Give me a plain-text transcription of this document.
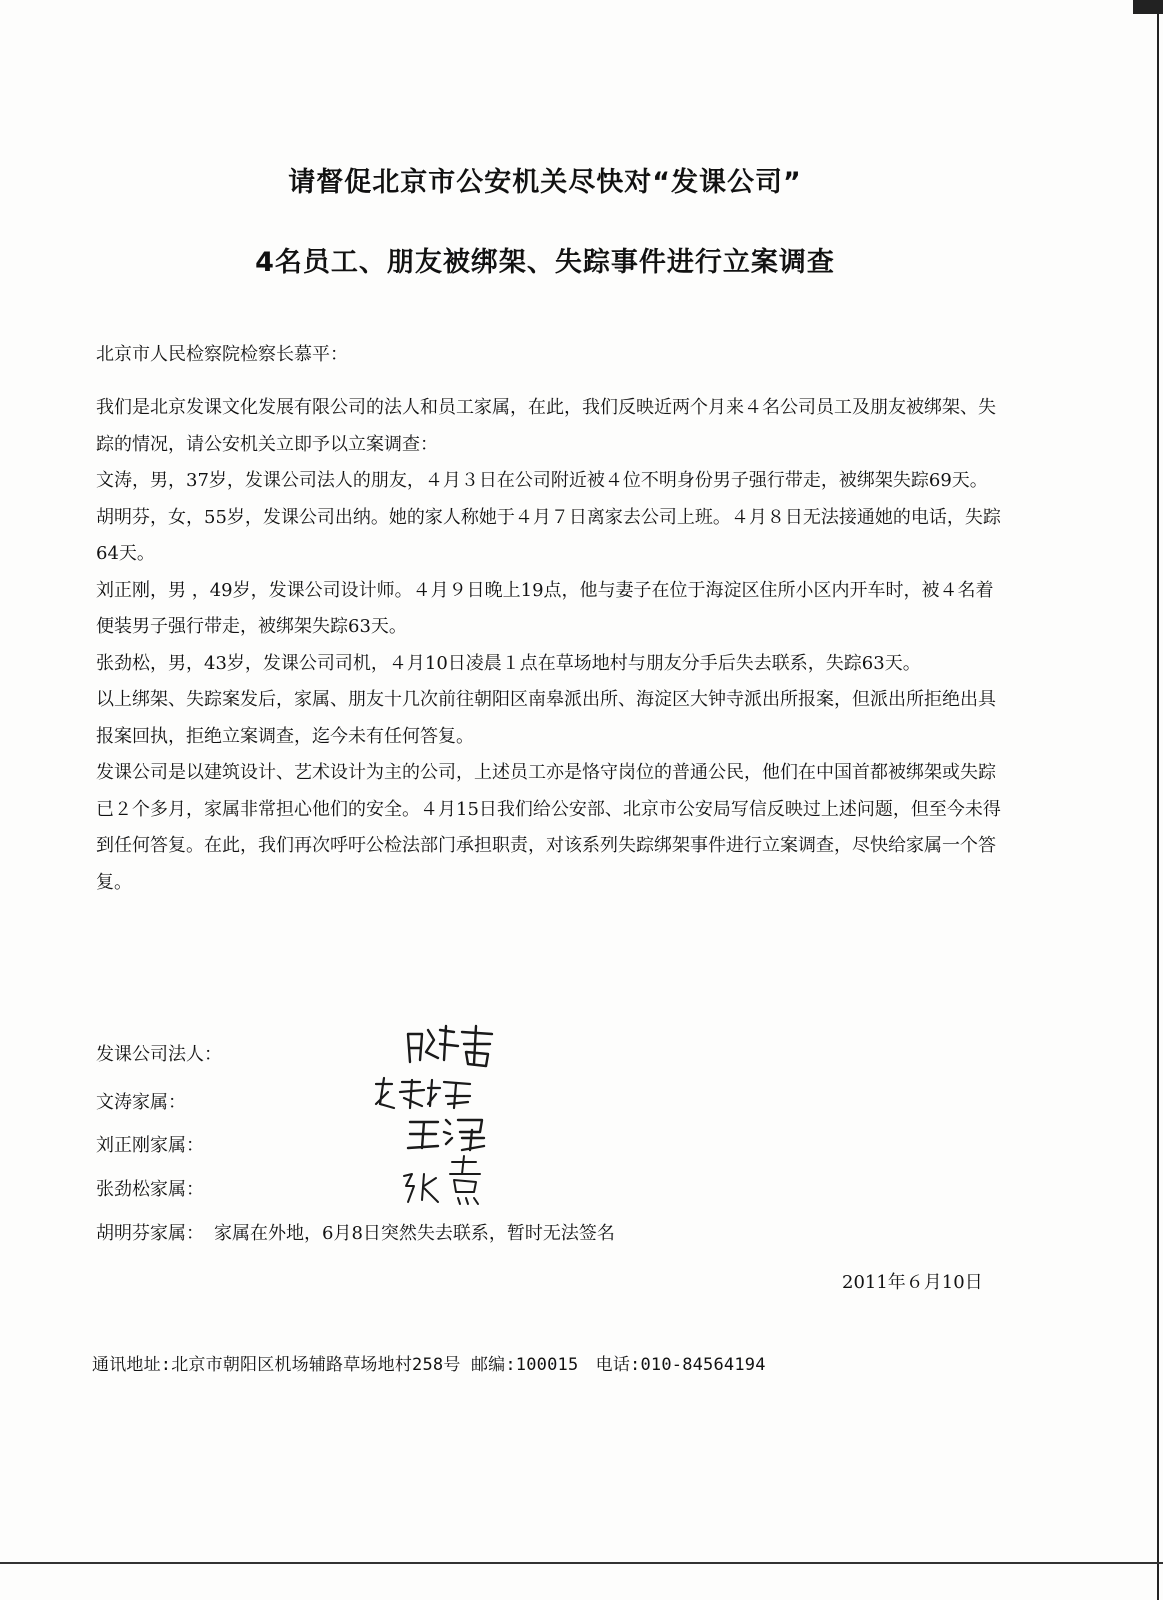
请督促北京市公安机关尽快对“发课公司”
4名员工、朋友被绑架、失踪事件进行立案调查
北京市人民检察院检察长慕平：

我们是北京发课文化发展有限公司的法人和员工家属，在此，我们反映近两个月来４名公司员工及朋友被绑架、失踪的情况，请公安机关立即予以立案调查：

文涛，男，37岁，发课公司法人的朋友，４月３日在公司附近被４位不明身份男子强行带走，被绑架失踪69天。

胡明芬，女，55岁，发课公司出纳。她的家人称她于４月７日离家去公司上班。４月８日无法接通她的电话，失踪64天。

刘正刚，男 ，49岁，发课公司设计师。４月９日晚上19点，他与妻子在位于海淀区住所小区内开车时，被４名着便装男子强行带走，被绑架失踪63天。

张劲松，男，43岁，发课公司司机，４月10日凌晨１点在草场地村与朋友分手后失去联系，失踪63天。

以上绑架、失踪案发后，家属、朋友十几次前往朝阳区南皋派出所、海淀区大钟寺派出所报案，但派出所拒绝出具报案回执，拒绝立案调查，迄今未有任何答复。

发课公司是以建筑设计、艺术设计为主的公司，上述员工亦是恪守岗位的普通公民，他们在中国首都被绑架或失踪已２个多月，家属非常担心他们的安全。４月15日我们给公安部、北京市公安局写信反映过上述问题，但至今未得到任何答复。在此，我们再次呼吁公检法部门承担职责，对该系列失踪绑架事件进行立案调查，尽快给家属一个答复。

发课公司法人：
文涛家属：
刘正刚家属：
张劲松家属：
胡明芬家属： 家属在外地，6月8日突然失去联系，暂时无法签名
2011年６月10日
通讯地址:北京市朝阳区机场辅路草场地村258号 邮编:100015　电话:010-84564194
